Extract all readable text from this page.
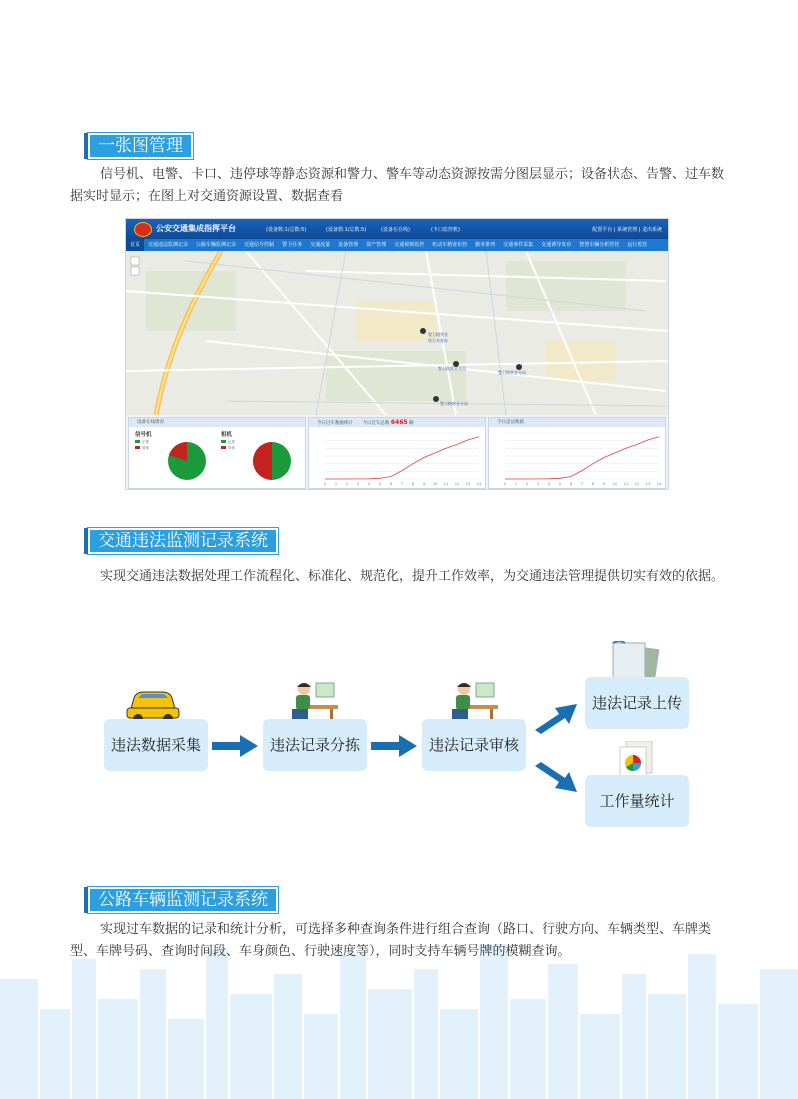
一张图管理

信号机、电警、卡口、违停球等静态资源和警力、警车等动态资源按需分图层显示；设备状态、告警、过车数据实时显示；在图上对交通资源设置、数据查看

公安交通集成指挥平台	(设备数:1/总数:5)	(设备数:1/总数:5)	(设备在在线)	(卡口监控机)	配置平台 | 系统管理 | 退出系统
首页	交通违法监测记录	公路车辆监测记录	交通信号控制	警卫任务	交通流量	设备管理	资产管理	交通视频监控	机动车精查布控	勤务排列	交通事件采集	交通诱导发布	智慧车辆分析管控	运行监管
警卫路营业
综合业务办
警卫路营业分局
警卫路营业分局
警卫路营业分局
设备在线情况
信号机
正常
异常
相机
正常
异常
今日过车数据统计 今日过车总数 6465 辆
0	1	2	3	4	5	6	7	8	9 10 11 12 13 14
今日违法数据
0	1	2	3	4	5	6	7	8	9 10 11 12 13 14
交通违法监测记录系统

实现交通违法数据处理工作流程化、标准化、规范化，提升工作效率，为交通违法管理提供切实有效的依据。

违法数据采集	违法记录分拣	违法记录审核
违法记录上传
工作量统计
公路车辆监测记录系统

实现过车数据的记录和统计分析，可选择多种查询条件进行组合查询（路口、行驶方向、车辆类型、车牌类型、车牌号码、查询时间段、车身颜色、行驶速度等），同时支持车辆号牌的模糊查询。
